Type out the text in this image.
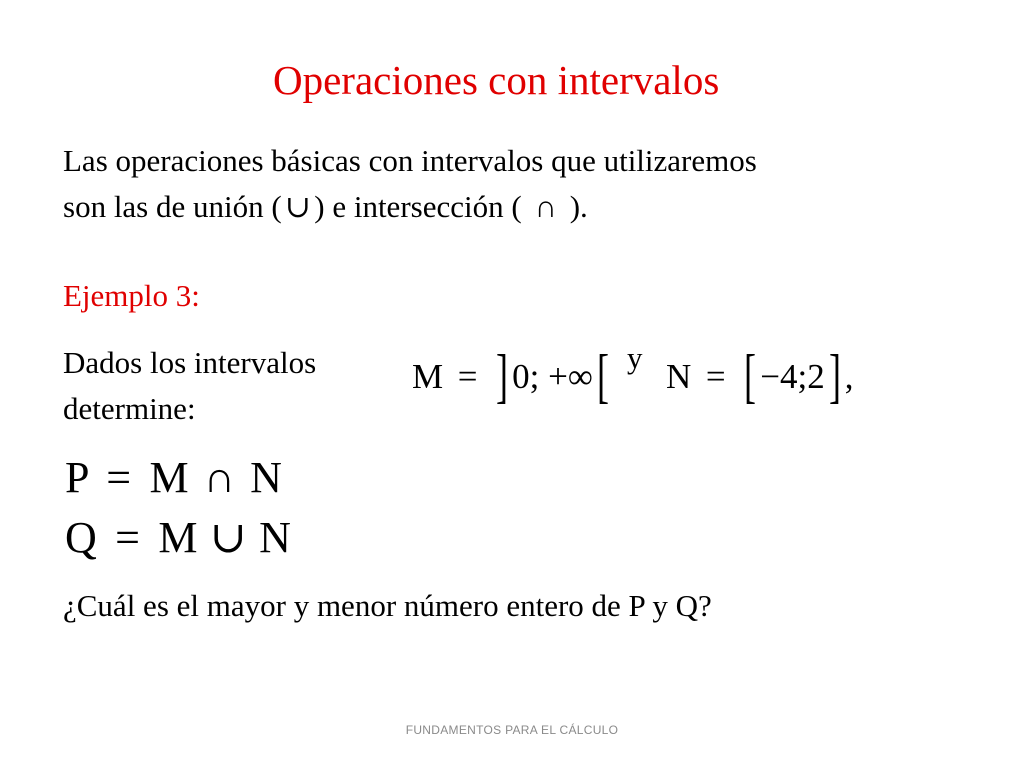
Operaciones con intervalos
Las operaciones básicas con intervalos que utilizaremos
son las de unión ( ∪ ) e intersección ( ∩ ).
Ejemplo 3:
Dados los intervalos
determine:
M = ] 0; +∞[ y N = [ −4;2] ,
P = M ∩ N
Q = M ∪ N
¿Cuál es el mayor y menor número entero de P y Q?
FUNDAMENTOS PARA EL CÁLCULO
